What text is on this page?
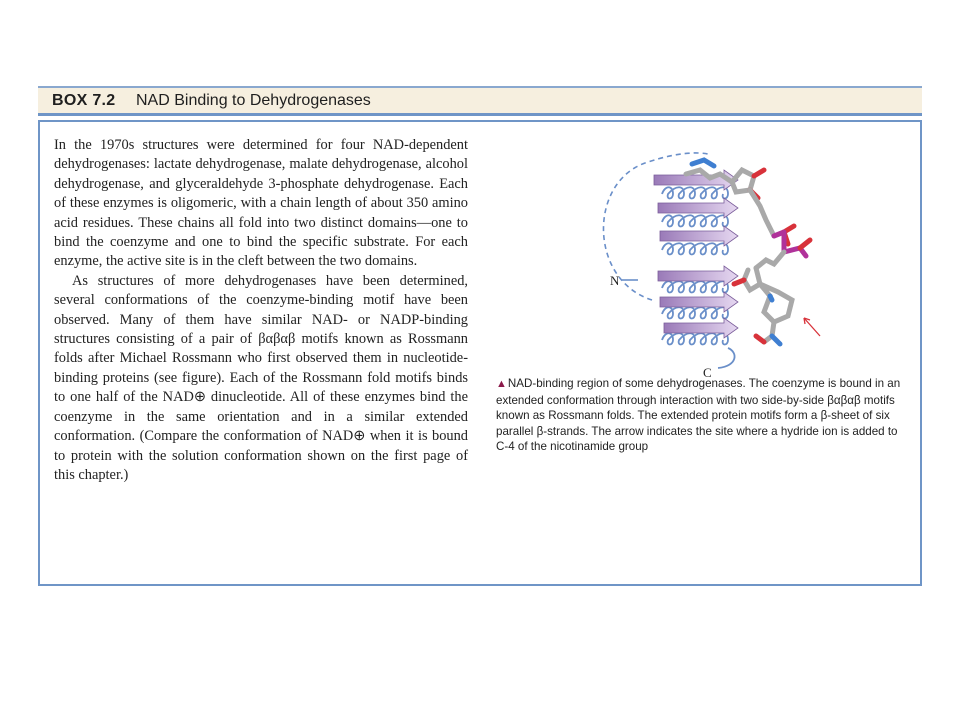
BOX 7.2 NAD Binding to Dehydrogenases

In the 1970s structures were determined for four NAD-dependent dehydrogenases: lactate dehydrogenase, malate dehydrogenase, alcohol dehydrogenase, and glyceraldehyde 3-phosphate dehydrogenase. Each of these enzymes is oligomeric, with a chain length of about 350 amino acid residues. These chains all fold into two distinct domains—one to bind the coenzyme and one to bind the specific substrate. For each enzyme, the active site is in the cleft between the two domains.

As structures of more dehydrogenases have been determined, several conformations of the coenzyme-binding motif have been observed. Many of them have similar NAD- or NADP-binding structures consisting of a pair of βαβαβ motifs known as Rossmann folds after Michael Rossmann who first observed them in nucleotide-binding proteins (see figure). Each of the Rossmann fold motifs binds to one half of the NAD⊕ dinucleotide. All of these enzymes bind the coenzyme in the same orientation and in a similar extended conformation. (Compare the conformation of NAD⊕ when it is bound to protein with the solution conformation shown on the first page of this chapter.)

N
C
▲NAD-binding region of some dehydrogenases. The coenzyme is bound in an extended conformation through interaction with two side-by-side βαβαβ motifs known as Rossmann folds. The extended protein motifs form a β-sheet of six parallel β-strands. The arrow indicates the site where a hydride ion is added to C-4 of the nicotinamide group
